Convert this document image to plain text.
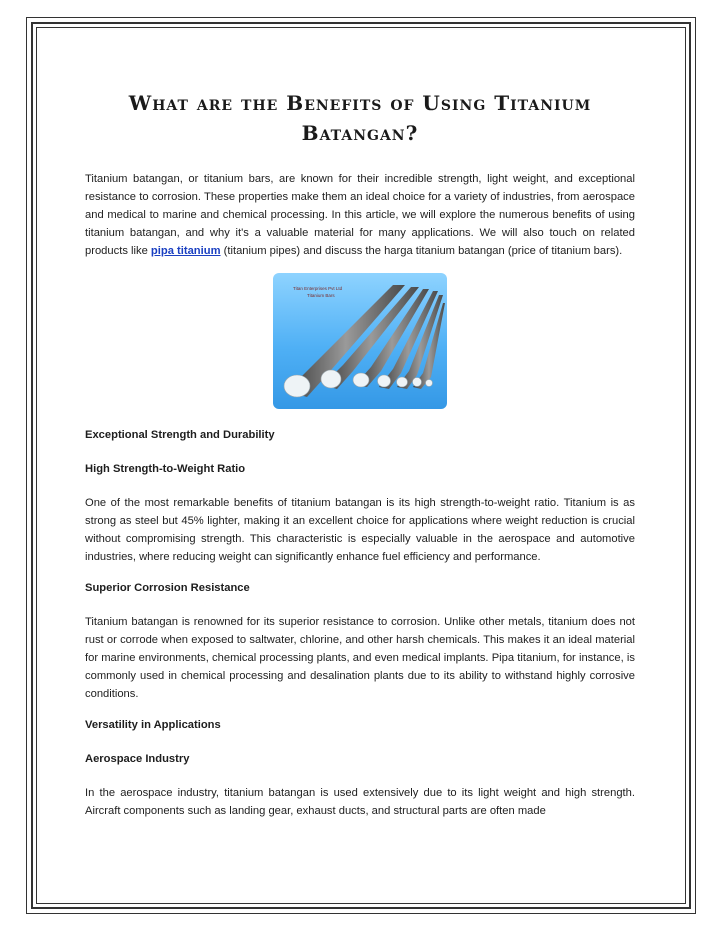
What are the Benefits of Using Titanium Batangan?

Titanium batangan, or titanium bars, are known for their incredible strength, light weight, and exceptional resistance to corrosion. These properties make them an ideal choice for a variety of industries, from aerospace and medical to marine and chemical processing. In this article, we will explore the numerous benefits of using titanium batangan, and why it's a valuable material for many applications. We will also touch on related products like pipa titanium (titanium pipes) and discuss the harga titanium batangan (price of titanium bars).

Titan Enterprises Pvt Ltd
Titanium Bars

Exceptional Strength and Durability

High Strength-to-Weight Ratio

One of the most remarkable benefits of titanium batangan is its high strength-to-weight ratio. Titanium is as strong as steel but 45% lighter, making it an excellent choice for applications where weight reduction is crucial without compromising strength. This characteristic is especially valuable in the aerospace and automotive industries, where reducing weight can significantly enhance fuel efficiency and performance.

Superior Corrosion Resistance

Titanium batangan is renowned for its superior resistance to corrosion. Unlike other metals, titanium does not rust or corrode when exposed to saltwater, chlorine, and other harsh chemicals. This makes it an ideal material for marine environments, chemical processing plants, and even medical implants. Pipa titanium, for instance, is commonly used in chemical processing and desalination plants due to its ability to withstand highly corrosive conditions.

Versatility in Applications

Aerospace Industry

In the aerospace industry, titanium batangan is used extensively due to its light weight and high strength. Aircraft components such as landing gear, exhaust ducts, and structural parts are often made
